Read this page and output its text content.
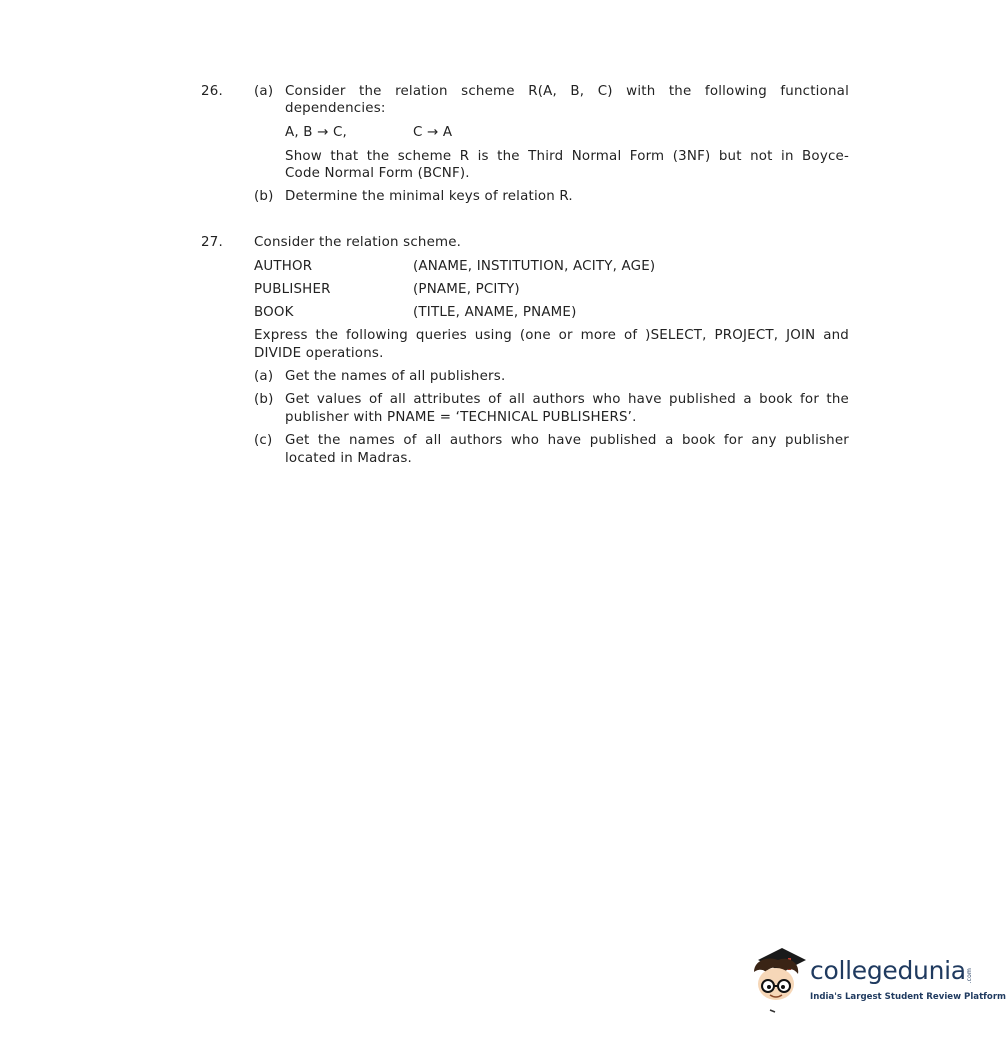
26. (a) Consider the relation scheme R(A, B, C) with the following functional
dependencies:
A, B → C,	C → A
Show that the scheme R is the Third Normal Form (3NF) but not in Boyce-
Code Normal Form (BCNF).
(b) Determine the minimal keys of relation R.
27. Consider the relation scheme.
AUTHOR	(ANAME, INSTITUTION, ACITY, AGE)
PUBLISHER	(PNAME, PCITY)
BOOK	(TITLE, ANAME, PNAME)
Express the following queries using (one or more of )SELECT, PROJECT, JOIN and
DIVIDE operations.
(a) Get the names of all publishers.
(b) Get values of all attributes of all authors who have published a book for the
publisher with PNAME = ‘TECHNICAL PUBLISHERS’.
(c) Get the names of all authors who have published a book for any publisher
located in Madras.
collegedunia .com
India's Largest Student Review Platform
